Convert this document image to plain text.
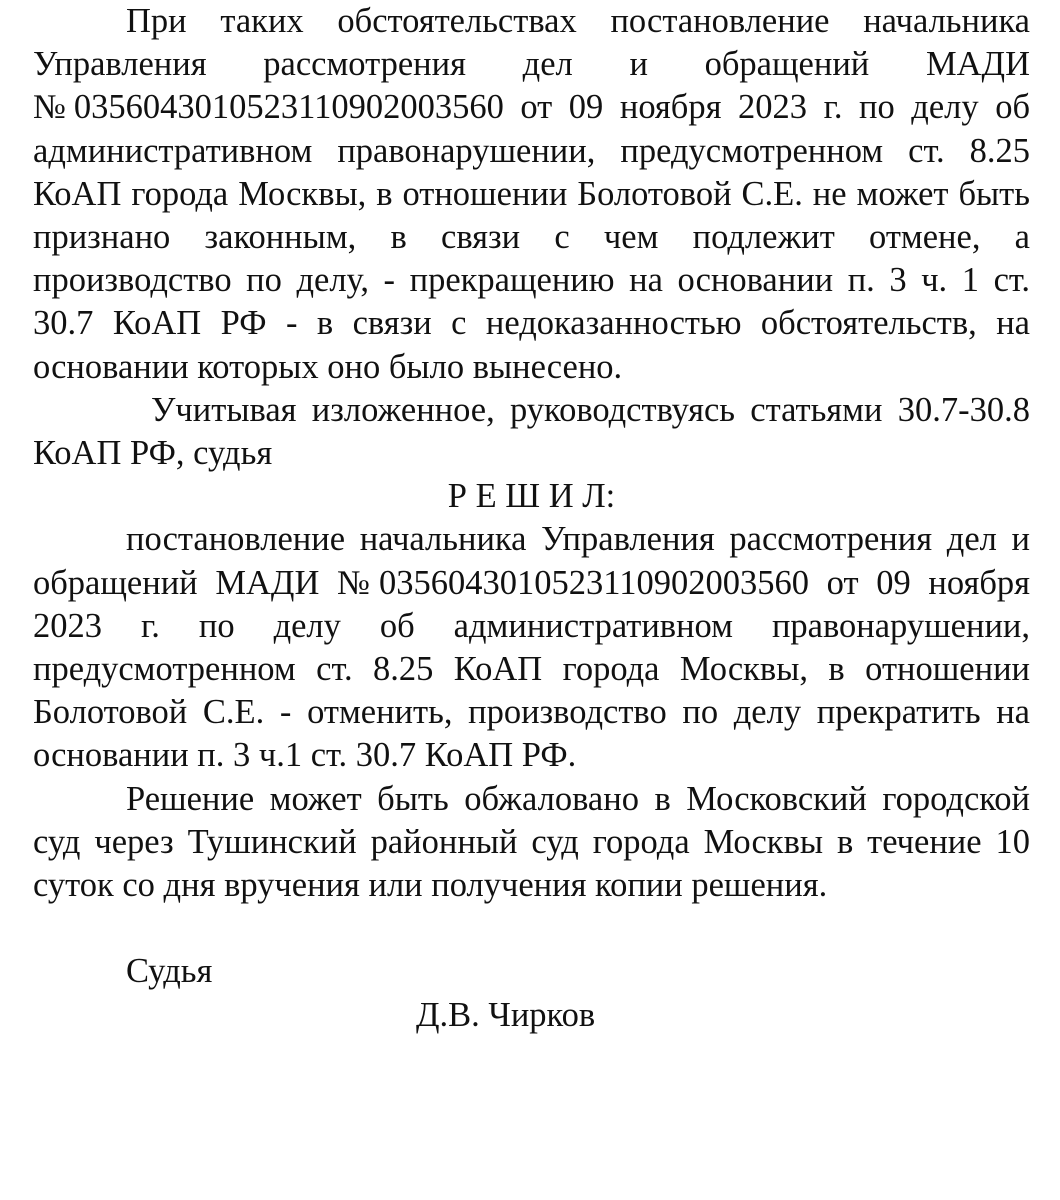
При таких обстоятельствах постановление начальника Управления рассмотрения дел и обращений МАДИ №0356043010523110902003560 от 09 ноября 2023 г. по делу об административном правонарушении, предусмотренном ст. 8.25 КоАП города Москвы, в отношении Болотовой С.Е. не может быть признано законным, в связи с чем подлежит отмене, а производство по делу, - прекращению на основании п. 3 ч. 1 ст. 30.7 КоАП РФ - в связи с недоказанностью обстоятельств, на основании которых оно было вынесено.

Учитывая изложенное, руководствуясь статьями 30.7-30.8 КоАП РФ, судья

Р Е Ш И Л:

постановление начальника Управления рассмотрения дел и обращений МАДИ №0356043010523110902003560 от 09 ноября 2023 г. по делу об административном правонарушении, предусмотренном ст. 8.25 КоАП города Москвы, в отношении Болотовой С.Е. - отменить, производство по делу прекратить на основании п. 3 ч.1 ст. 30.7 КоАП РФ.

Решение может быть обжаловано в Московский городской суд через Тушинский районный суд города Москвы в течение 10 суток со дня вручения или получения копии решения.

Судья

Д.В. Чирков
